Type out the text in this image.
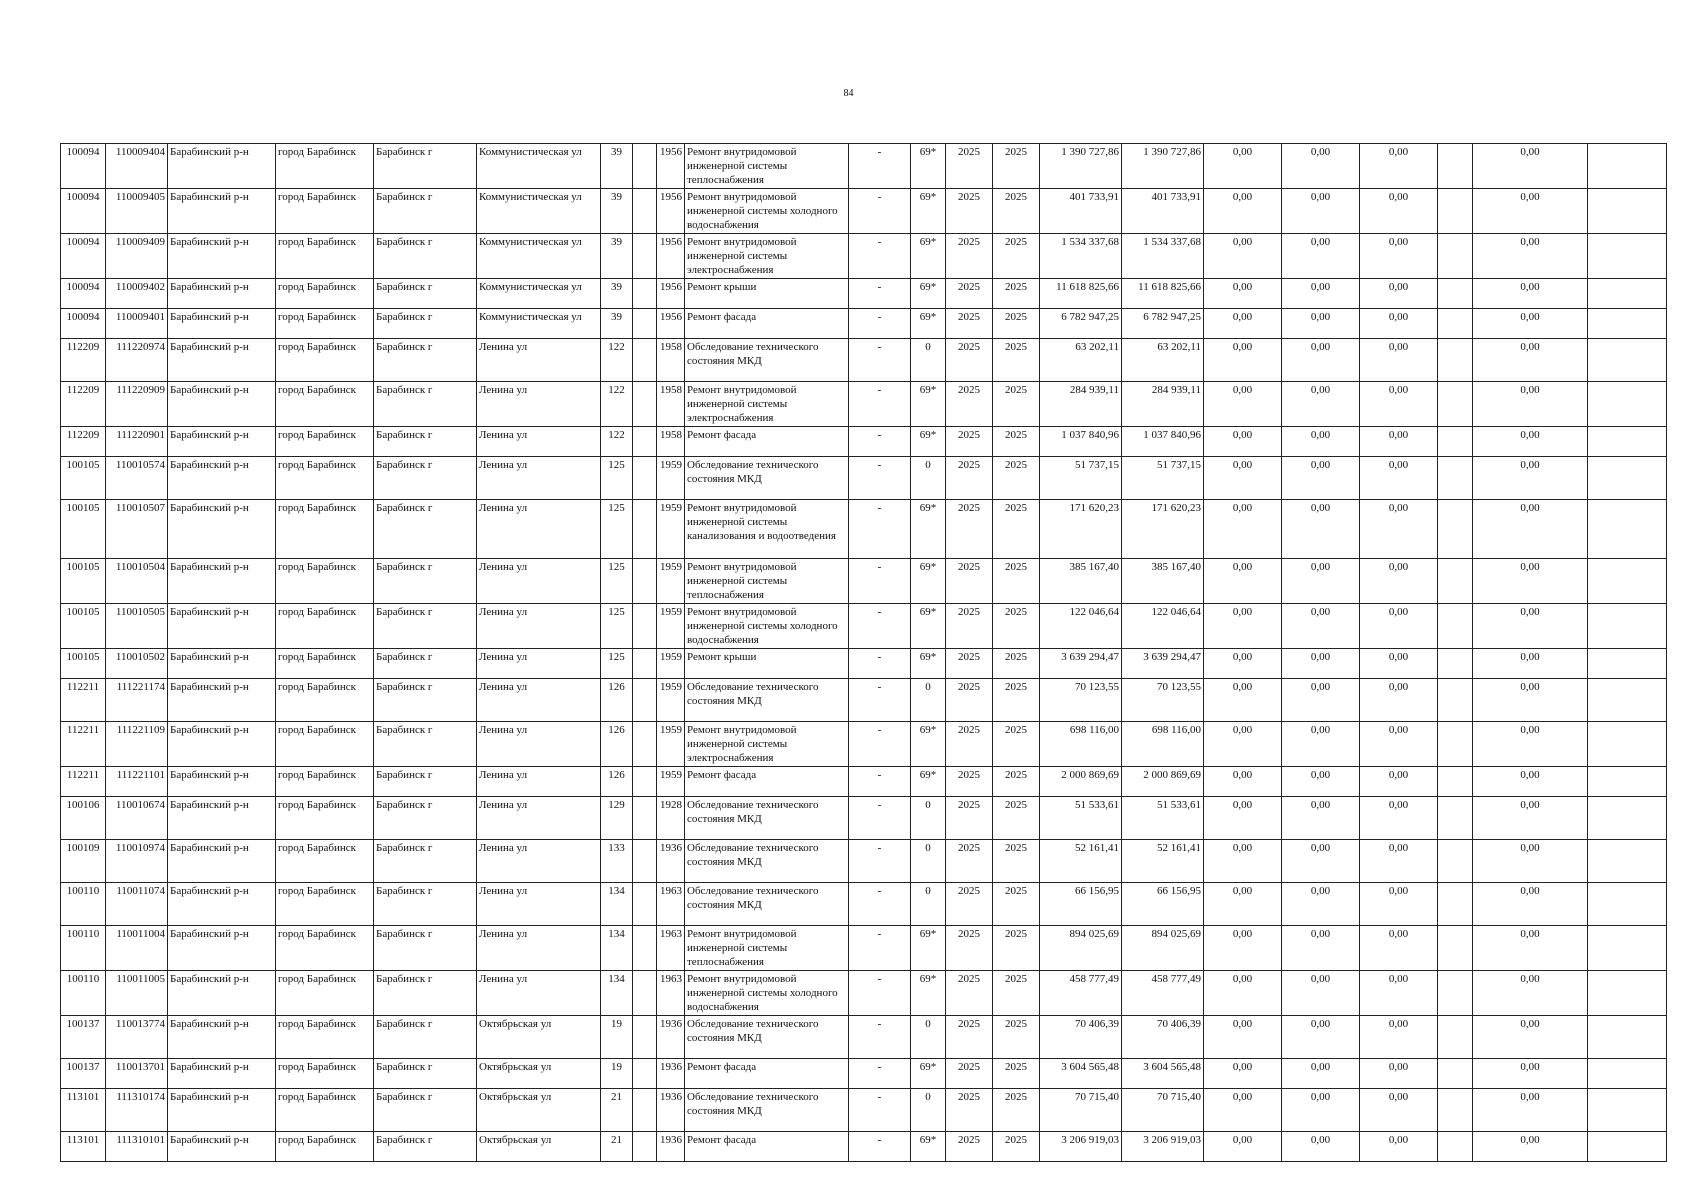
84
100094	110009404	Барабинский р-н	город Барабинск	Барабинск г	Коммунистическая ул	39		1956	Ремонт внутридомовой инженерной системы теплоснабжения	-	69*	2025	2025	1 390 727,86	1 390 727,86	0,00	0,00	0,00		0,00	
100094	110009405	Барабинский р-н	город Барабинск	Барабинск г	Коммунистическая ул	39		1956	Ремонт внутридомовой инженерной системы холодного водоснабжения	-	69*	2025	2025	401 733,91	401 733,91	0,00	0,00	0,00		0,00	
100094	110009409	Барабинский р-н	город Барабинск	Барабинск г	Коммунистическая ул	39		1956	Ремонт внутридомовой инженерной системы электроснабжения	-	69*	2025	2025	1 534 337,68	1 534 337,68	0,00	0,00	0,00		0,00	
100094	110009402	Барабинский р-н	город Барабинск	Барабинск г	Коммунистическая ул	39		1956	Ремонт крыши	-	69*	2025	2025	11 618 825,66	11 618 825,66	0,00	0,00	0,00		0,00	
100094	110009401	Барабинский р-н	город Барабинск	Барабинск г	Коммунистическая ул	39		1956	Ремонт фасада	-	69*	2025	2025	6 782 947,25	6 782 947,25	0,00	0,00	0,00		0,00	
112209	111220974	Барабинский р-н	город Барабинск	Барабинск г	Ленина ул	122		1958	Обследование технического состояния МКД	-	0	2025	2025	63 202,11	63 202,11	0,00	0,00	0,00		0,00	
112209	111220909	Барабинский р-н	город Барабинск	Барабинск г	Ленина ул	122		1958	Ремонт внутридомовой инженерной системы электроснабжения	-	69*	2025	2025	284 939,11	284 939,11	0,00	0,00	0,00		0,00	
112209	111220901	Барабинский р-н	город Барабинск	Барабинск г	Ленина ул	122		1958	Ремонт фасада	-	69*	2025	2025	1 037 840,96	1 037 840,96	0,00	0,00	0,00		0,00	
100105	110010574	Барабинский р-н	город Барабинск	Барабинск г	Ленина ул	125		1959	Обследование технического состояния МКД	-	0	2025	2025	51 737,15	51 737,15	0,00	0,00	0,00		0,00	
100105	110010507	Барабинский р-н	город Барабинск	Барабинск г	Ленина ул	125		1959	Ремонт внутридомовой инженерной системы канализования и водоотведения	-	69*	2025	2025	171 620,23	171 620,23	0,00	0,00	0,00		0,00	
100105	110010504	Барабинский р-н	город Барабинск	Барабинск г	Ленина ул	125		1959	Ремонт внутридомовой инженерной системы теплоснабжения	-	69*	2025	2025	385 167,40	385 167,40	0,00	0,00	0,00		0,00	
100105	110010505	Барабинский р-н	город Барабинск	Барабинск г	Ленина ул	125		1959	Ремонт внутридомовой инженерной системы холодного водоснабжения	-	69*	2025	2025	122 046,64	122 046,64	0,00	0,00	0,00		0,00	
100105	110010502	Барабинский р-н	город Барабинск	Барабинск г	Ленина ул	125		1959	Ремонт крыши	-	69*	2025	2025	3 639 294,47	3 639 294,47	0,00	0,00	0,00		0,00	
112211	111221174	Барабинский р-н	город Барабинск	Барабинск г	Ленина ул	126		1959	Обследование технического состояния МКД	-	0	2025	2025	70 123,55	70 123,55	0,00	0,00	0,00		0,00	
112211	111221109	Барабинский р-н	город Барабинск	Барабинск г	Ленина ул	126		1959	Ремонт внутридомовой инженерной системы электроснабжения	-	69*	2025	2025	698 116,00	698 116,00	0,00	0,00	0,00		0,00	
112211	111221101	Барабинский р-н	город Барабинск	Барабинск г	Ленина ул	126		1959	Ремонт фасада	-	69*	2025	2025	2 000 869,69	2 000 869,69	0,00	0,00	0,00		0,00	
100106	110010674	Барабинский р-н	город Барабинск	Барабинск г	Ленина ул	129		1928	Обследование технического состояния МКД	-	0	2025	2025	51 533,61	51 533,61	0,00	0,00	0,00		0,00	
100109	110010974	Барабинский р-н	город Барабинск	Барабинск г	Ленина ул	133		1936	Обследование технического состояния МКД	-	0	2025	2025	52 161,41	52 161,41	0,00	0,00	0,00		0,00	
100110	110011074	Барабинский р-н	город Барабинск	Барабинск г	Ленина ул	134		1963	Обследование технического состояния МКД	-	0	2025	2025	66 156,95	66 156,95	0,00	0,00	0,00		0,00	
100110	110011004	Барабинский р-н	город Барабинск	Барабинск г	Ленина ул	134		1963	Ремонт внутридомовой инженерной системы теплоснабжения	-	69*	2025	2025	894 025,69	894 025,69	0,00	0,00	0,00		0,00	
100110	110011005	Барабинский р-н	город Барабинск	Барабинск г	Ленина ул	134		1963	Ремонт внутридомовой инженерной системы холодного водоснабжения	-	69*	2025	2025	458 777,49	458 777,49	0,00	0,00	0,00		0,00	
100137	110013774	Барабинский р-н	город Барабинск	Барабинск г	Октябрьская ул	19		1936	Обследование технического состояния МКД	-	0	2025	2025	70 406,39	70 406,39	0,00	0,00	0,00		0,00	
100137	110013701	Барабинский р-н	город Барабинск	Барабинск г	Октябрьская ул	19		1936	Ремонт фасада	-	69*	2025	2025	3 604 565,48	3 604 565,48	0,00	0,00	0,00		0,00	
113101	111310174	Барабинский р-н	город Барабинск	Барабинск г	Октябрьская ул	21		1936	Обследование технического состояния МКД	-	0	2025	2025	70 715,40	70 715,40	0,00	0,00	0,00		0,00	
113101	111310101	Барабинский р-н	город Барабинск	Барабинск г	Октябрьская ул	21		1936	Ремонт фасада	-	69*	2025	2025	3 206 919,03	3 206 919,03	0,00	0,00	0,00		0,00	
